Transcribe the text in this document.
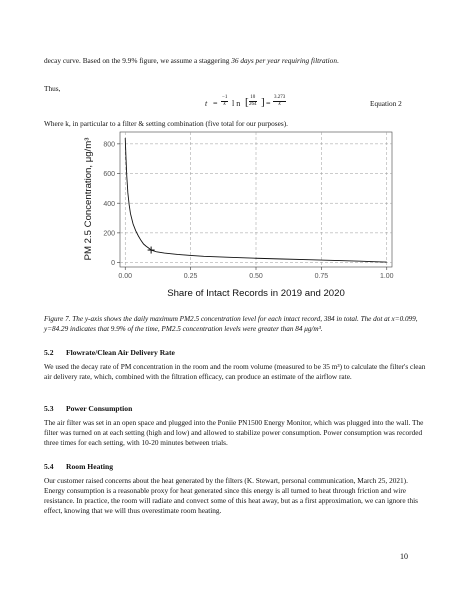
decay curve. Based on the 9.9% figure, we assume a staggering 36 days per year requiring filtration.

Thus,

$t = \frac{-1}{k}$ l n [ $\frac{10}{264}$ ] = $\frac{3.273}{k}$	Equation 2

Where k, in particular to a filter & setting combination (five total for our purposes).

0
200
400
600
800
0.00	0.25	0.50	0.75	1.00
Share of Intact Records in 2019 and 2020
PM 2.5 Concentration, μg/m³

Figure 7. The y-axis shows the daily maximum PM2.5 concentration level for each intact record, 384 in total. The dot at x=0.099, y=84.29 indicates that 9.9% of the time, PM2.5 concentration levels were greater than 84 μg/m³.

5.2 Flowrate/Clean Air Delivery Rate

We used the decay rate of PM concentration in the room and the room volume (measured to be 35 m³) to calculate the filter's clean air delivery rate, which, combined with the filtration efficacy, can produce an estimate of the airflow rate.

5.3 Power Consumption

The air filter was set in an open space and plugged into the Poniie PN1500 Energy Monitor, which was plugged into the wall. The filter was turned on at each setting (high and low) and allowed to stabilize power consumption. Power consumption was recorded three times for each setting, with 10-20 minutes between trials.

5.4 Room Heating

Our customer raised concerns about the heat generated by the filters (K. Stewart, personal communication, March 25, 2021). Energy consumption is a reasonable proxy for heat generated since this energy is all turned to heat through friction and wire resistance. In practice, the room will radiate and convect some of this heat away, but as a first approximation, we can ignore this effect, knowing that we will thus overestimate room heating.

10
